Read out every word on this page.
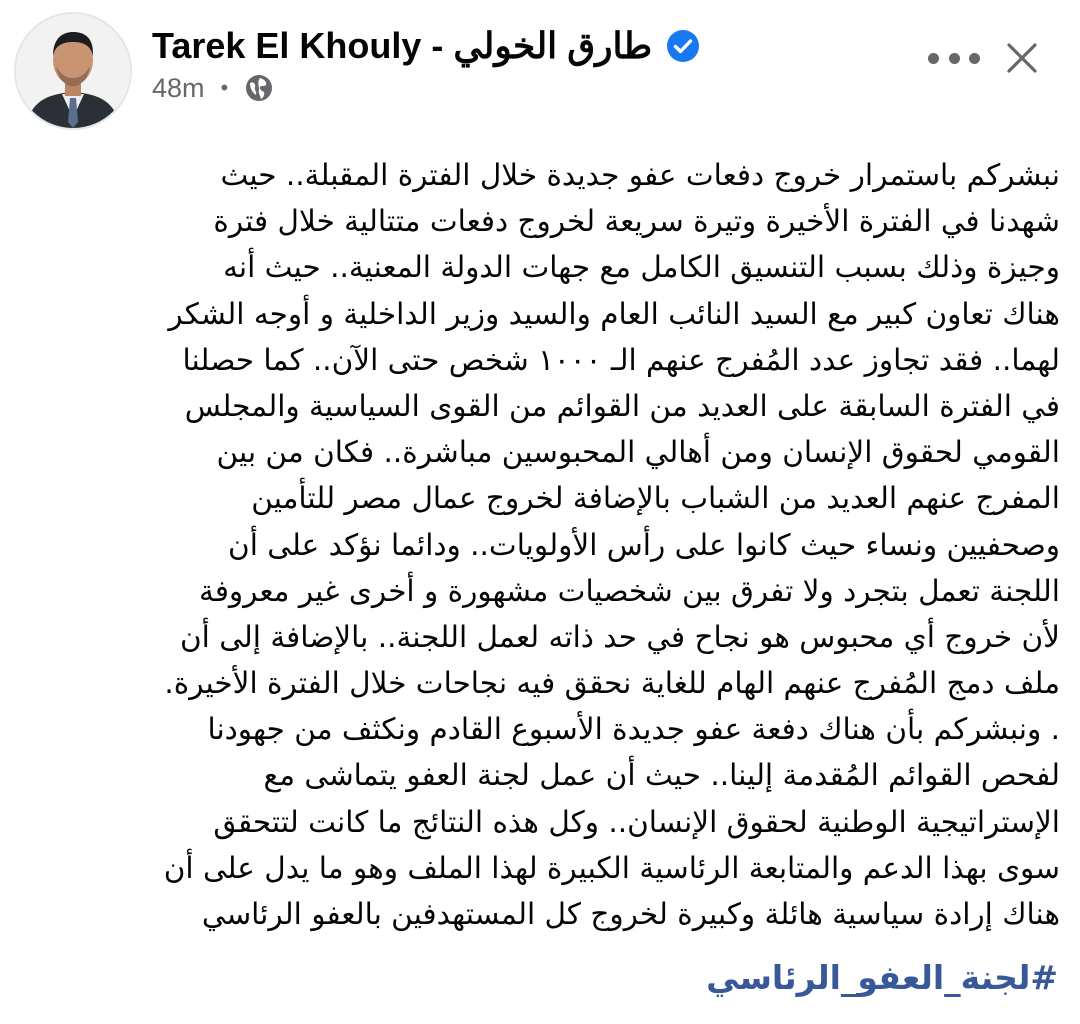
Tarek El Khouly - طارق الخولي
48m •
نبشركم باستمرار خروج دفعات عفو جديدة خلال الفترة المقبلة.. حيث
شهدنا في الفترة الأخيرة وتيرة سريعة لخروج دفعات متتالية خلال فترة
وجيزة وذلك بسبب التنسيق الكامل مع جهات الدولة المعنية.. حيث أنه
هناك تعاون كبير مع السيد النائب العام والسيد وزير الداخلية و أوجه الشكر
لهما.. فقد تجاوز عدد المُفرج عنهم الـ ١٠٠٠ شخص حتى الآن.. كما حصلنا
في الفترة السابقة على العديد من القوائم من القوى السياسية والمجلس
القومي لحقوق الإنسان ومن أهالي المحبوسين مباشرة.. فكان من بين
المفرج عنهم العديد من الشباب بالإضافة لخروج عمال مصر للتأمين
وصحفيين ونساء حيث كانوا على رأس الأولويات.. ودائما نؤكد على أن
اللجنة تعمل بتجرد ولا تفرق بين شخصيات مشهورة و أخرى غير معروفة
لأن خروج أي محبوس هو نجاح في حد ذاته لعمل اللجنة.. بالإضافة إلى أن
ملف دمج المُفرج عنهم الهام للغاية نحقق فيه نجاحات خلال الفترة الأخيرة.
. ونبشركم بأن هناك دفعة عفو جديدة الأسبوع القادم ونكثف من جهودنا
لفحص القوائم المُقدمة إلينا.. حيث أن عمل لجنة العفو يتماشى مع
الإستراتيجية الوطنية لحقوق الإنسان.. وكل هذه النتائج ما كانت لتتحقق
سوى بهذا الدعم والمتابعة الرئاسية الكبيرة لهذا الملف وهو ما يدل على أن
هناك إرادة سياسية هائلة وكبيرة لخروج كل المستهدفين بالعفو الرئاسي
#لجنة_العفو_الرئاسي
